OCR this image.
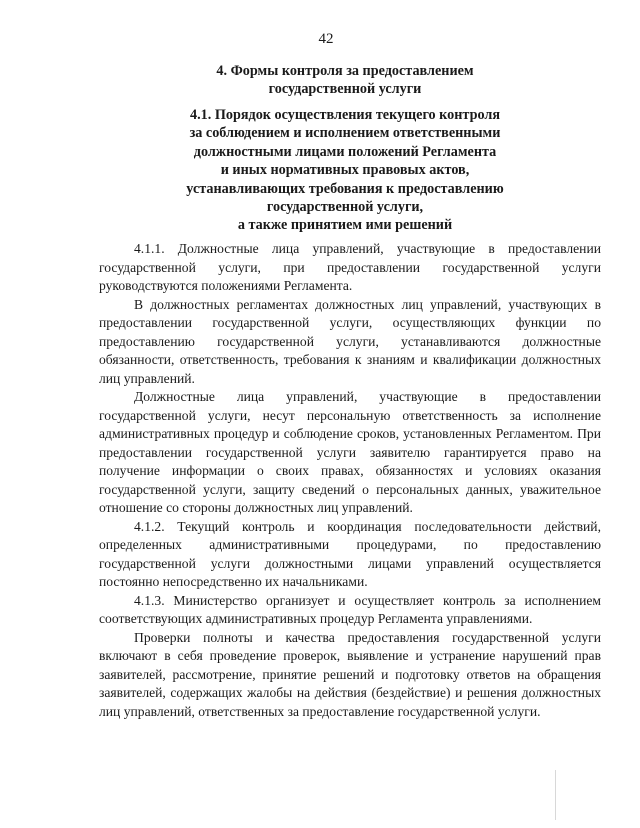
42
4. Формы контроля за предоставлением
государственной услуги
4.1. Порядок осуществления текущего контроля
за соблюдением и исполнением ответственными
должностными лицами положений Регламента
и иных нормативных правовых актов,
устанавливающих требования к предоставлению
государственной услуги,
а также принятием ими решений

4.1.1. Должностные лица управлений, участвующие в предоставлении государственной услуги, при предоставлении государственной услуги руководствуются положениями Регламента.

В должностных регламентах должностных лиц управлений, участвующих в предоставлении государственной услуги, осуществляющих функции по предоставлению государственной услуги, устанавливаются должностные обязанности, ответственность, требования к знаниям и квалификации должностных лиц управлений.

Должностные лица управлений, участвующие в предоставлении государственной услуги, несут персональную ответственность за исполнение административных процедур и соблюдение сроков, установленных Регламентом. При предоставлении государственной услуги заявителю гарантируется право на получение информации о своих правах, обязанностях и условиях оказания государственной услуги, защиту сведений о персональных данных, уважительное отношение со стороны должностных лиц управлений.

4.1.2. Текущий контроль и координация последовательности действий, определенных административными процедурами, по предоставлению государственной услуги должностными лицами управлений осуществляется постоянно непосредственно их начальниками.

4.1.3. Министерство организует и осуществляет контроль за исполнением соответствующих административных процедур Регламента управлениями.

Проверки полноты и качества предоставления государственной услуги включают в себя проведение проверок, выявление и устранение нарушений прав заявителей, рассмотрение, принятие решений и подготовку ответов на обращения заявителей, содержащих жалобы на действия (бездействие) и решения должностных лиц управлений, ответственных за предоставление государственной услуги.
